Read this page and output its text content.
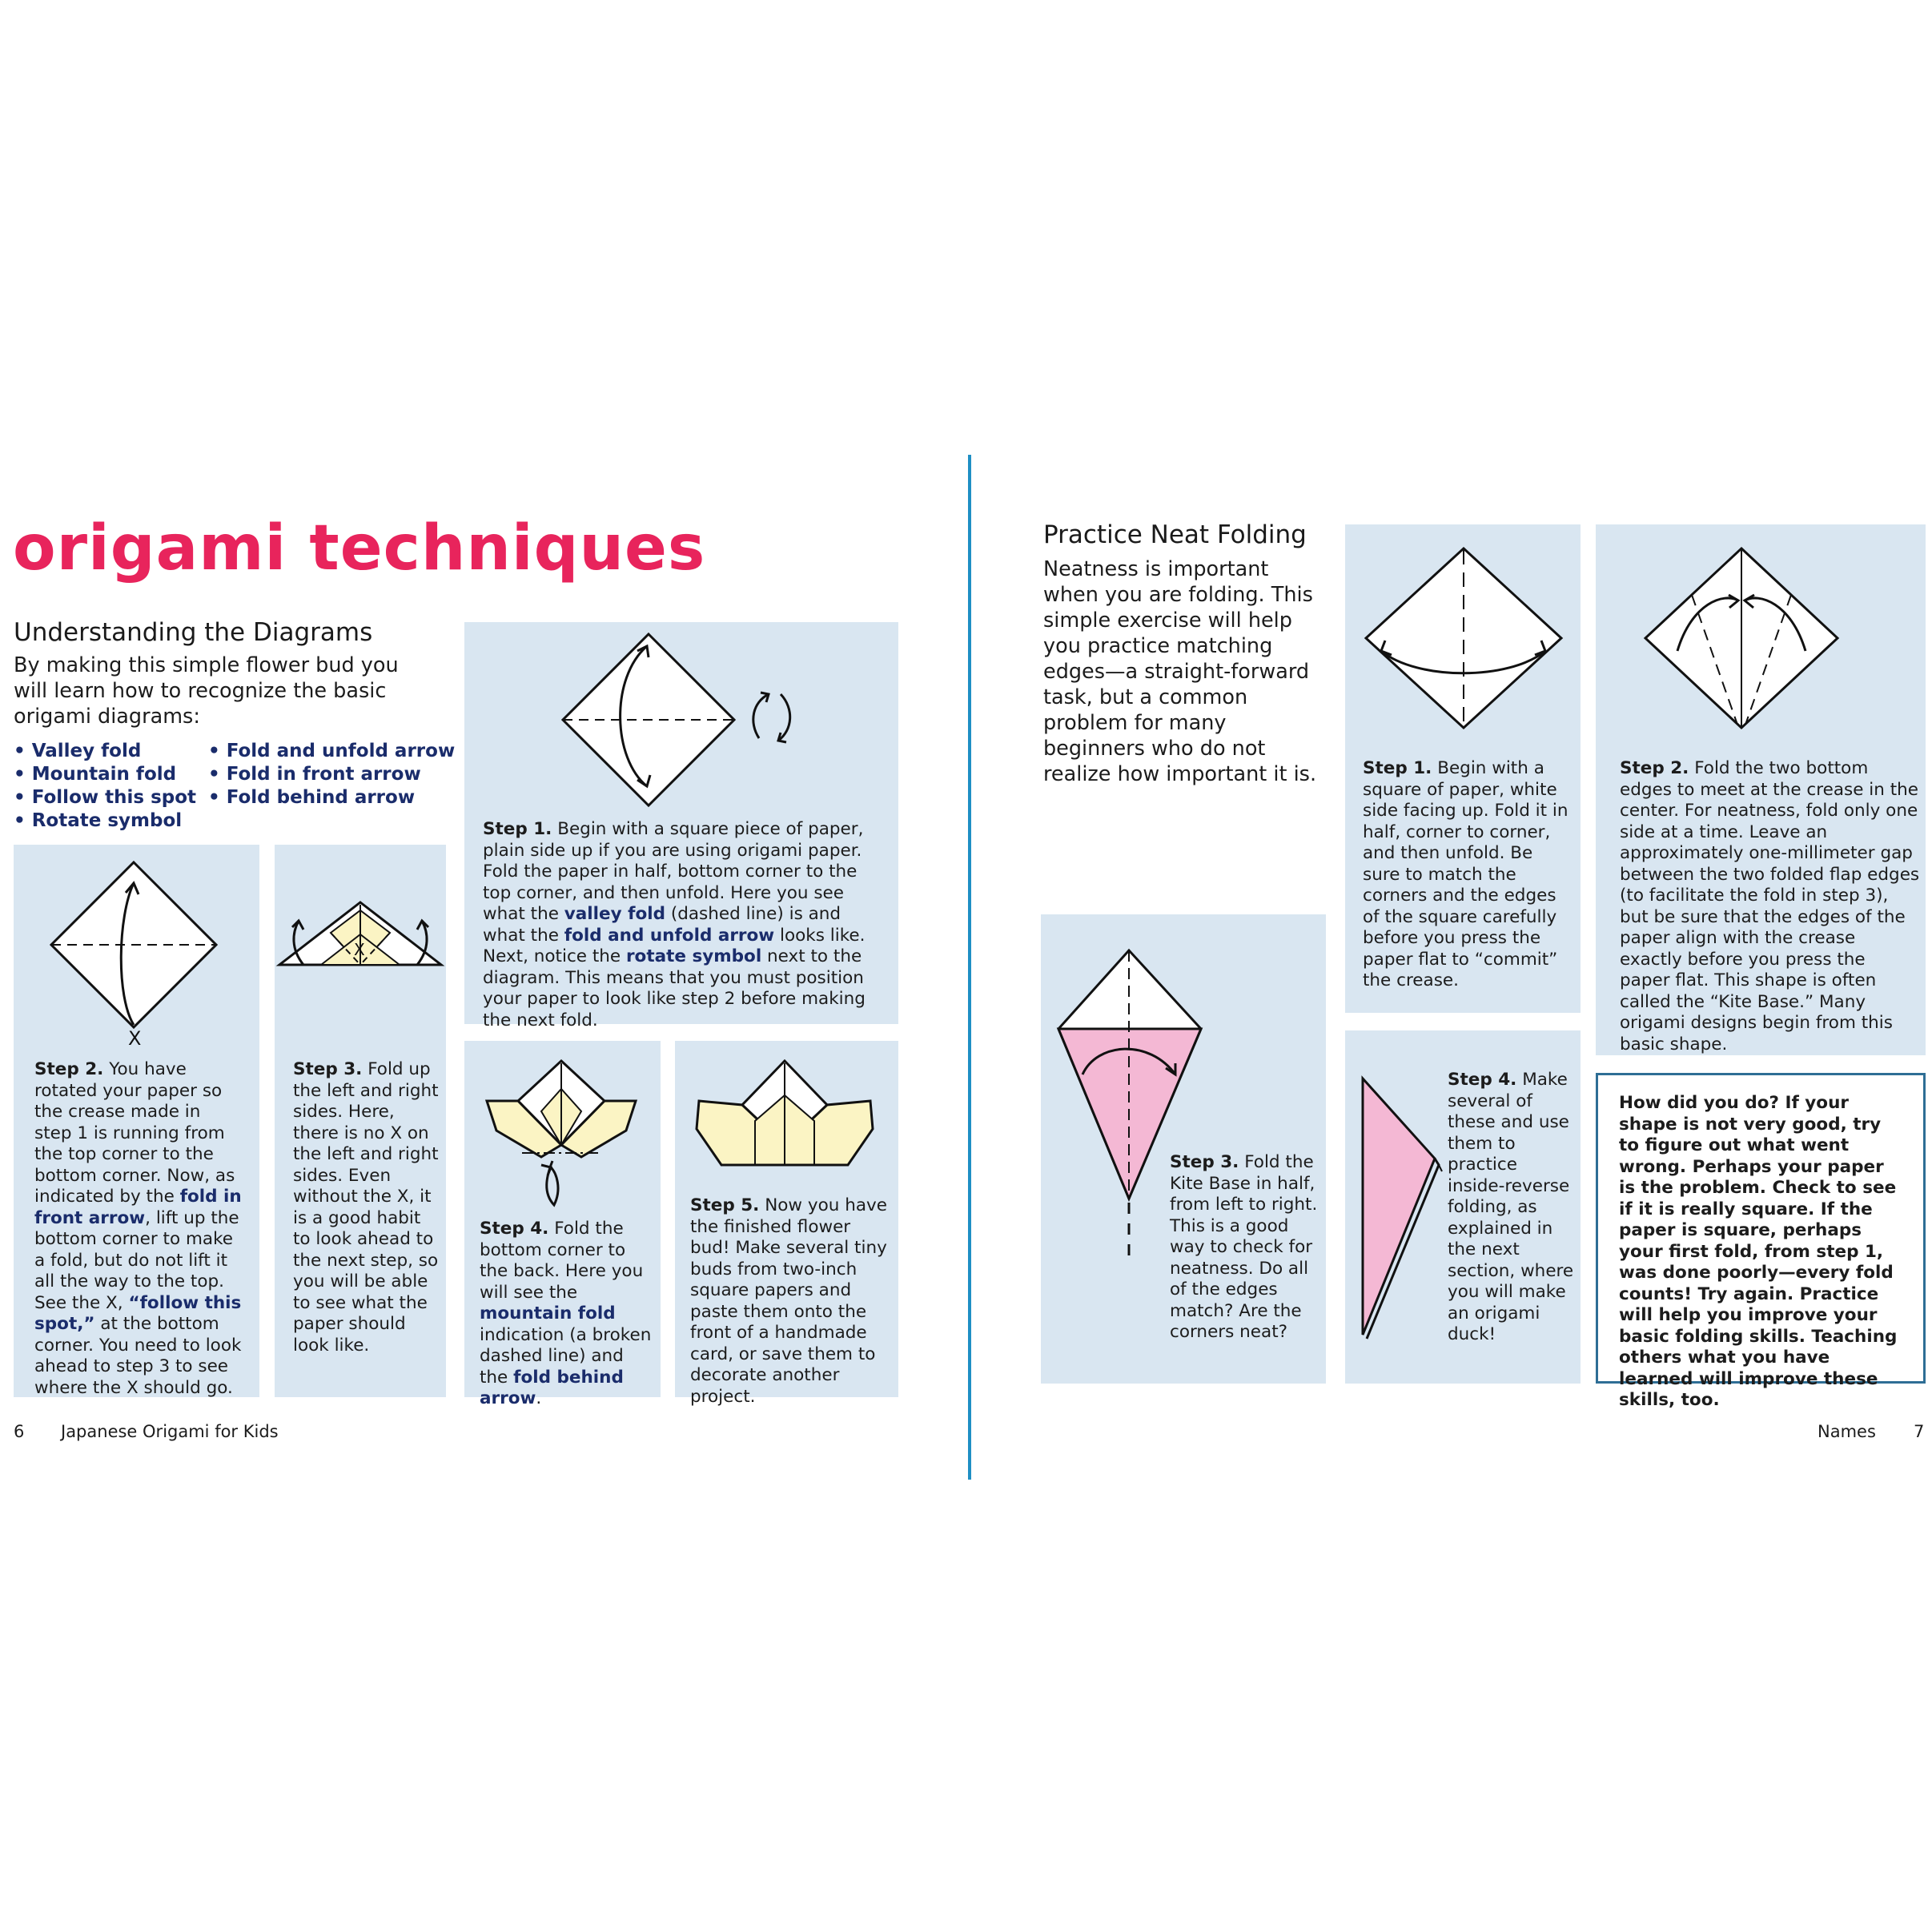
origami techniques
Understanding the Diagrams
By making this simple flower bud you will learn how to recognize the basic origami diagrams:
• Valley fold
• Mountain fold
• Follow this spot
• Rotate symbol
• Fold and unfold arrow
• Fold in front arrow
• Fold behind arrow
Step 1. Begin with a square piece of paper, plain side up if you are using origami paper. Fold the paper in half, bottom corner to the top corner, and then unfold. Here you see what the valley fold (dashed line) is and what the fold and unfold arrow looks like. Next, notice the rotate symbol next to the diagram. This means that you must position your paper to look like step 2 before making the next fold.
X
Step 2. You have rotated your paper so the crease made in step 1 is running from the top corner to the bottom corner. Now, as indicated by the fold in front arrow, lift up the bottom corner to make a fold, but do not lift it all the way to the top. See the X, “follow this spot,” at the bottom corner. You need to look ahead to step 3 to see where the X should go.
X
Step 3. Fold up the left and right sides. Here, there is no X on the left and right sides. Even without the X, it is a good habit to look ahead to the next step, so you will be able to see what the paper should look like.
Step 4. Fold the bottom corner to the back. Here you will see the mountain fold indication (a broken dashed line) and the fold behind arrow.
Step 5. Now you have the finished flower bud! Make several tiny buds from two-inch square papers and paste them onto the front of a handmade card, or save them to decorate another project.
6 Japanese Origami for Kids
Practice Neat Folding
Neatness is important when you are folding. This simple exercise will help you practice matching edges—a straight-forward task, but a common problem for many beginners who do not realize how important it is.	Step 1. Begin with a square of paper, white side facing up. Fold it in half, corner to corner, and then unfold. Be sure to match the corners and the edges of the square carefully before you press the paper flat to “commit” the crease.
Step 2. Fold the two bottom edges to meet at the crease in the center. For neatness, fold only one side at a time. Leave an approximately one-millimeter gap between the two folded flap edges (to facilitate the fold in step 3), but be sure that the edges of the paper align with the crease exactly before you press the paper flat. This shape is often called the “Kite Base.” Many origami designs begin from this basic shape.
Step 3. Fold the Kite Base in half, from left to right. This is a good way to check for neatness. Do all of the edges match? Are the corners neat?
Step 4. Make several of these and use them to practice inside-reverse folding, as explained in the next section, where you will make an origami duck!
How did you do? If your shape is not very good, try to figure out what went wrong. Perhaps your paper is the problem. Check to see if it is really square. If the paper is square, perhaps your first fold, from step 1, was done poorly—every fold counts! Try again. Practice will help you improve your basic folding skills. Teaching others what you have learned will improve these skills, too.
Names 7
